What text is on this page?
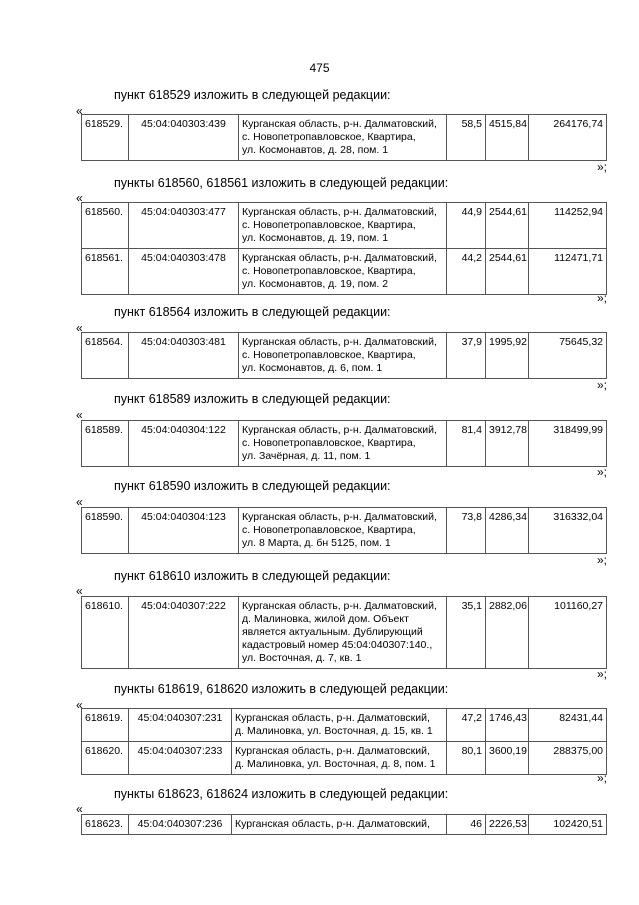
475
пункт 618529 изложить в следующей редакции:
«
618529.	45:04:040303:439	Курганская область, р-н. Далматовский,
с. Новопетропавловское, Квартира,
ул. Космонавтов, д. 28, пом. 1
	58,5	4515,84	264176,74
»;
пункты 618560, 618561 изложить в следующей редакции:
«
618560.	45:04:040303:477	Курганская область, р-н. Далматовский,
с. Новопетропавловское, Квартира,
ул. Космонавтов, д. 19, пом. 1	44,9	2544,61	114252,94
618561.	45:04:040303:478	Курганская область, р-н. Далматовский,
с. Новопетропавловское, Квартира,
ул. Космонавтов, д. 19, пом. 2	44,2	2544,61	112471,71
»;
пункт 618564 изложить в следующей редакции:
«
618564.	45:04:040303:481	Курганская область, р-н. Далматовский,
с. Новопетропавловское, Квартира,
ул. Космонавтов, д. 6, пом. 1
	37,9	1995,92	75645,32
»;
пункт 618589 изложить в следующей редакции:
«
618589.	45:04:040304:122	Курганская область, р-н. Далматовский,
с. Новопетропавловское, Квартира,
ул. Зачёрная, д. 11, пом. 1
	81,4	3912,78	318499,99
»;
пункт 618590 изложить в следующей редакции:
«
618590.	45:04:040304:123	Курганская область, р-н. Далматовский,
с. Новопетропавловское, Квартира,
ул. 8 Марта, д. бн 5125, пом. 1
	73,8	4286,34	316332,04
»;
пункт 618610 изложить в следующей редакции:
«
618610.	45:04:040307:222	Курганская область, р-н. Далматовский,
д. Малиновка, жилой дом. Объект
является актуальным. Дублирующий
кадастровый номер 45:04:040307:140.,
ул. Восточная, д. 7, кв. 1
	35,1	2882,06	101160,27
»;
пункты 618619, 618620 изложить в следующей редакции:
«
618619.	45:04:040307:231	Курганская область, р-н. Далматовский,
д. Малиновка, ул. Восточная, д. 15, кв. 1	47,2	1746,43	82431,44
618620.	45:04:040307:233	Курганская область, р-н. Далматовский,
д. Малиновка, ул. Восточная, д. 8, пом. 1	80,1	3600,19	288375,00
»;
пункты 618623, 618624 изложить в следующей редакции:
«
618623.	45:04:040307:236	Курганская область, р-н. Далматовский,	46	2226,53	102420,51
